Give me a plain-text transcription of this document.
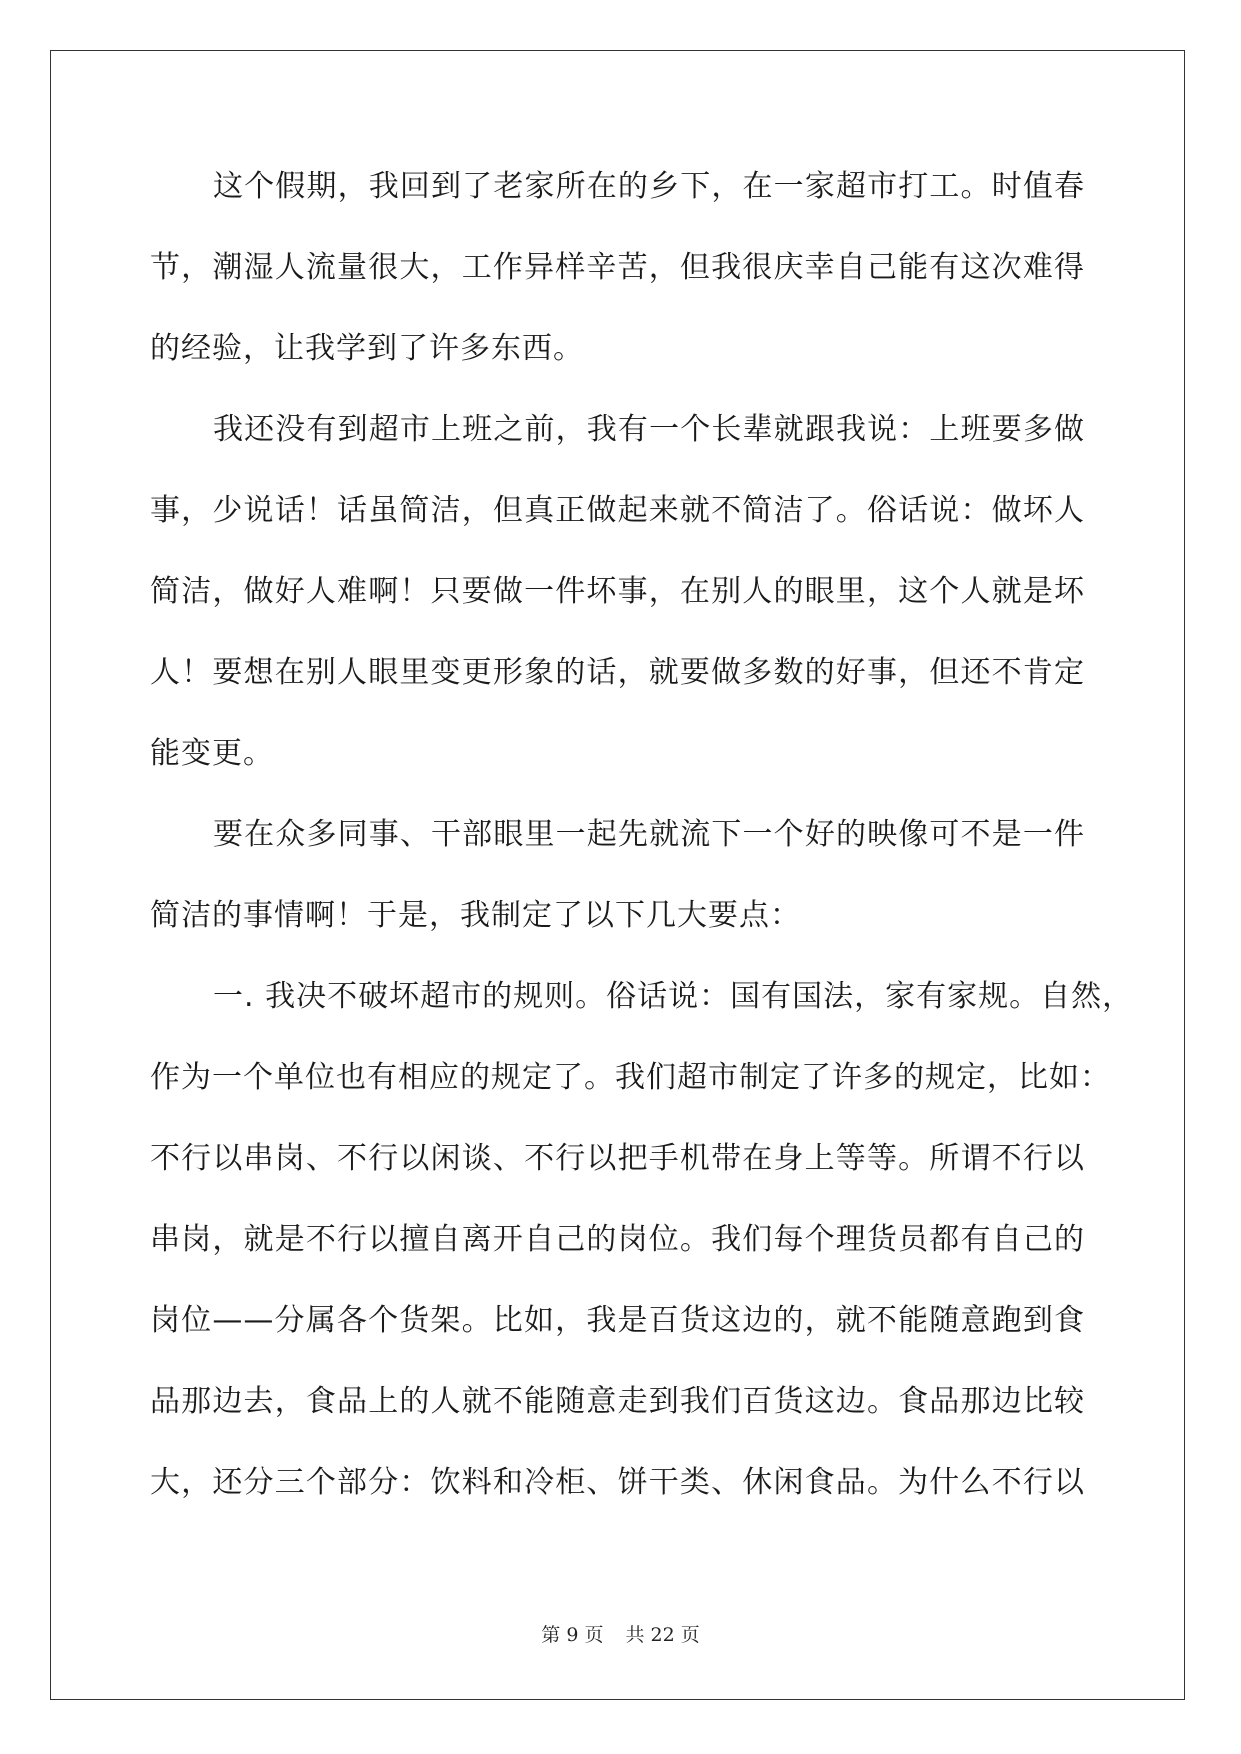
这个假期，我回到了老家所在的乡下，在一家超市打工。时值春
节，潮湿人流量很大，工作异样辛苦，但我很庆幸自己能有这次难得
的经验，让我学到了许多东西。
我还没有到超市上班之前，我有一个长辈就跟我说：上班要多做
事，少说话！话虽简洁，但真正做起来就不简洁了。俗话说：做坏人
简洁，做好人难啊！只要做一件坏事，在别人的眼里，这个人就是坏
人！要想在别人眼里变更形象的话，就要做多数的好事，但还不肯定
能变更。
要在众多同事、干部眼里一起先就流下一个好的映像可不是一件
简洁的事情啊！于是，我制定了以下几大要点：
一. 我决不破坏超市的规则。俗话说：国有国法，家有家规。自然，
作为一个单位也有相应的规定了。我们超市制定了许多的规定，比如：
不行以串岗、不行以闲谈、不行以把手机带在身上等等。所谓不行以
串岗，就是不行以擅自离开自己的岗位。我们每个理货员都有自己的
岗位——分属各个货架。比如，我是百货这边的，就不能随意跑到食
品那边去，食品上的人就不能随意走到我们百货这边。食品那边比较
大，还分三个部分：饮料和冷柜、饼干类、休闲食品。为什么不行以
第 9 页 共 22 页
